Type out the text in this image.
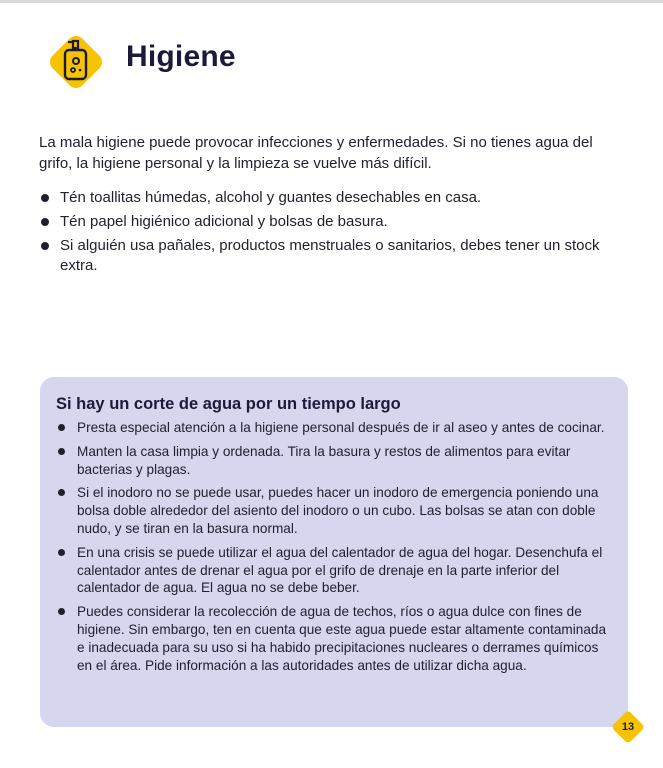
Higiene

La mala higiene puede provocar infecciones y enfermedades. Si no tienes agua del grifo, la higiene personal y la limpieza se vuelve más difícil.

Tén toallitas húmedas, alcohol y guantes desechables en casa.
Tén papel higiénico adicional y bolsas de basura.
Si alguién usa pañales, productos menstruales o sanitarios, debes tener un stock extra.
Si hay un corte de agua por un tiempo largo
Presta especial atención a la higiene personal después de ir al aseo y antes de cocinar.
Manten la casa limpia y ordenada. Tira la basura y restos de alimentos para evitar bacterias y plagas.
Si el inodoro no se puede usar, puedes hacer un inodoro de emergencia poniendo una bolsa doble alrededor del asiento del inodoro o un cubo. Las bolsas se atan con doble nudo, y se tiran en la basura normal.
En una crisis se puede utilizar el agua del calentador de agua del hogar. Desenchufa el calentador antes de drenar el agua por el grifo de drenaje en la parte inferior del calentador de agua. El agua no se debe beber.
Puedes considerar la recolección de agua de techos, ríos o agua dulce con fines de higiene. Sin embargo, ten en cuenta que este agua puede estar altamente contaminada e inadecuada para su uso si ha habido precipitaciones nucleares o derrames químicos en el área. Pide información a las autoridades antes de utilizar dicha agua.
13
